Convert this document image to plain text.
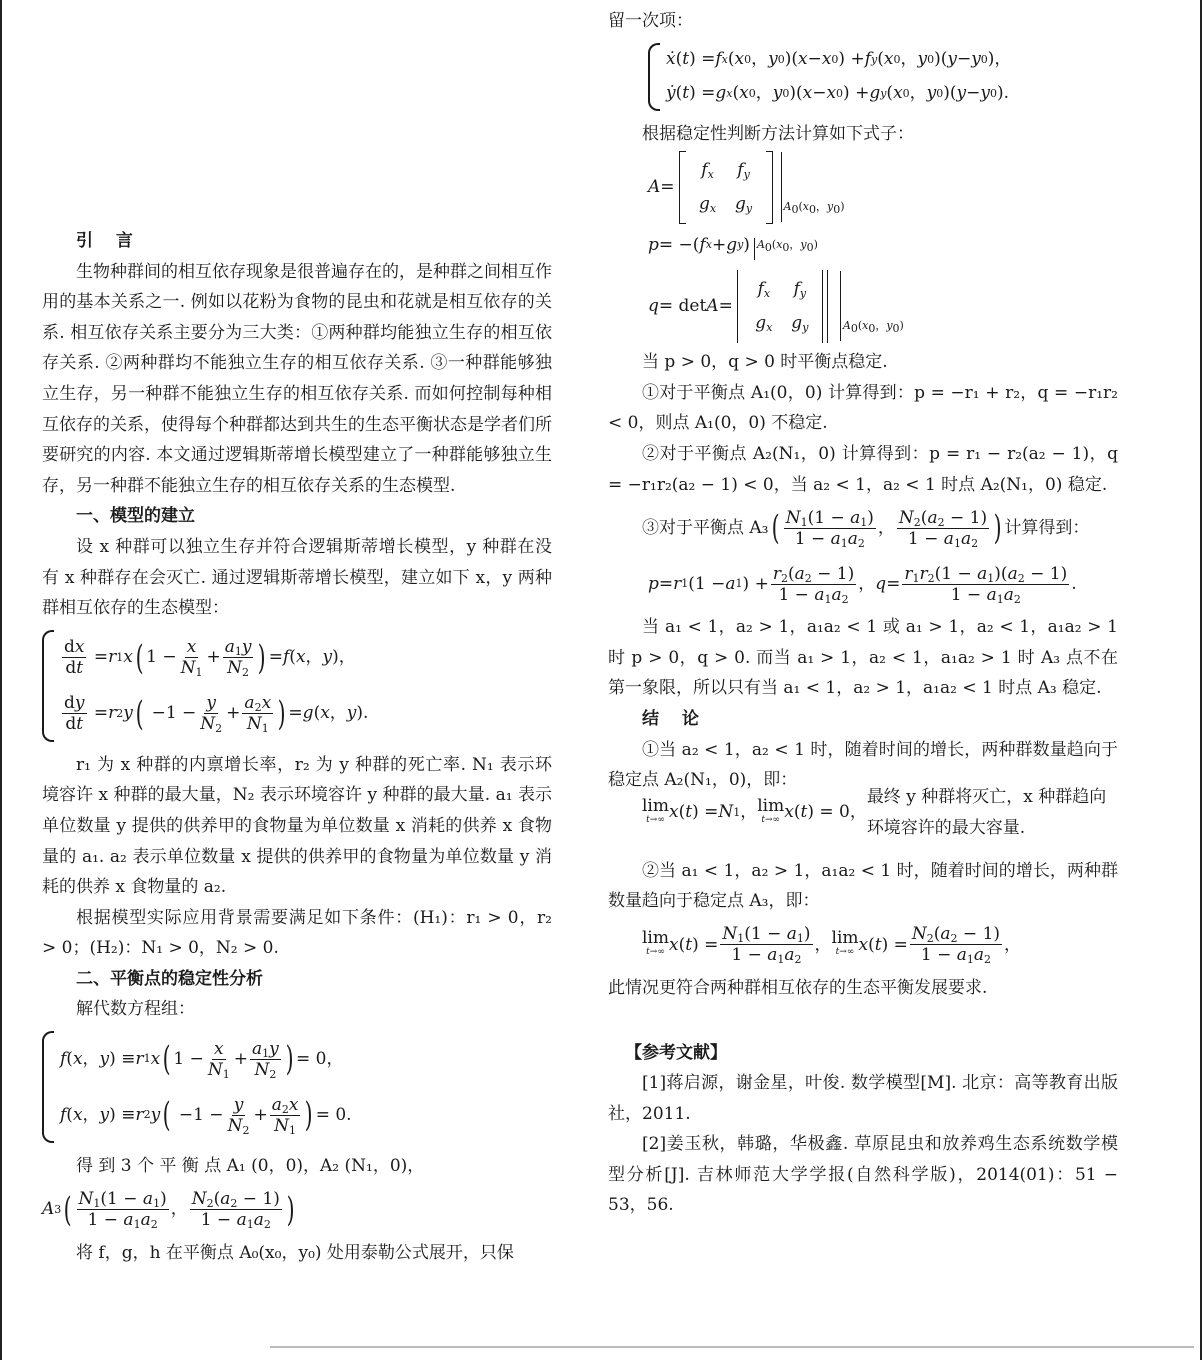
引 言

生物种群间的相互依存现象是很普遍存在的，是种群之间相互作用的基本关系之一. 例如以花粉为食物的昆虫和花就是相互依存的关系. 相互依存关系主要分为三大类：①两种群均能独立生存的相互依存关系. ②两种群均不能独立生存的相互依存关系. ③一种群能够独立生存，另一种群不能独立生存的相互依存关系. 而如何控制每种相互依存的关系，使得每个种群都达到共生的生态平衡状态是学者们所要研究的内容. 本文通过逻辑斯蒂增长模型建立了一种群能够独立生存，另一种群不能独立生存的相互依存关系的生态模型.

一、模型的建立

设 x 种群可以独立生存并符合逻辑斯蒂增长模型，y 种群在没有 x 种群存在会灭亡. 通过逻辑斯蒂增长模型，建立如下 x，y 两种群相互依存的生态模型：

$\frac{dx}{dt} = r$ 1 x ( $1 - \frac{x}{N_1} + \frac{a_1y}{N_2}$ ) = f ( x ， y )，
$\frac{dy}{dt} = r$ 2 y ( $-1 - \frac{y}{N_2} + \frac{a_2x}{N_1}$ ) = g ( x ， y ).

r₁ 为 x 种群的内禀增长率，r₂ 为 y 种群的死亡率. N₁ 表示环境容许 x 种群的最大量，N₂ 表示环境容许 y 种群的最大量. a₁ 表示单位数量 y 提供的供养甲的食物量为单位数量 x 消耗的供养 x 食物量的 a₁. a₂ 表示单位数量 x 提供的供养甲的食物量为单位数量 y 消耗的供养 x 食物量的 a₂.

根据模型实际应用背景需要满足如下条件：(H₁)：r₁ > 0，r₂ > 0；(H₂)：N₁ > 0，N₂ > 0.

二、平衡点的稳定性分析

解代数方程组：

f ( x ， y ) ≡ r 1 x ( $1 - \frac{x}{N_1} + \frac{a_1y}{N_2}$ ) = 0，
f ( x ， y ) ≡ r 2 y ( $-1 - \frac{y}{N_2} + \frac{a_2x}{N_1}$ ) = 0.

得 到 3 个 平 衡 点 A₁ (0，0)，A₂ (N₁，0)，

A 3 ( $\frac{N_1(1 - a_1)}{1 - a_1a_2}$ ， $\frac{N_2(a_2 - 1)}{1 - a_1a_2}$ )

将 f，g，h 在平衡点 A₀(x₀，y₀) 处用泰勒公式展开，只保

留一次项：

ẋ ( t ) = f x ( x 0 ， y 0 )( x − x 0 ) + f y ( x 0 ， y 0 )( y − y 0 )，
ẏ ( t ) = g x ( x 0 ， y 0 )( x − x 0 ) + g y ( x 0 ， y 0 )( y − y 0 ).

根据稳定性判断方法计算如下式子：

A =
$f_x$	$f_y$
$g_x$	$g_y$	$A_0(x_0$，$y_0$)
p = −( f x + g y ) $A_0(x_0$，$y_0$)
q = det A =
$f_x$	$f_y$
$g_x$	$g_y$	$A_0(x_0$，$y_0$)

当 p > 0，q > 0 时平衡点稳定.

①对于平衡点 A₁(0，0) 计算得到：p = −r₁ + r₂，q = −r₁r₂ < 0，则点 A₁(0，0) 不稳定.

②对于平衡点 A₂(N₁，0) 计算得到：p = r₁ − r₂(a₂ − 1)，q = −r₁r₂(a₂ − 1) < 0，当 a₂ < 1，a₂ < 1 时点 A₂(N₁，0) 稳定.

③对于平衡点 A₃ ( $\frac{N_1(1 - a_1)}{1 - a_1a_2}$ ， $\frac{N_2(a_2 - 1)}{1 - a_1a_2}$ ) 计算得到：
p = r 1 (1 − a 1 ) + $\frac{r_2(a_2 - 1)}{1 - a_1a_2}$ ， $q = \frac{r_1r_2(1 - a_1)(a_2 - 1)}{1 - a_1a_2}$ .

当 a₁ < 1，a₂ > 1，a₁a₂ < 1 或 a₁ > 1，a₂ < 1，a₁a₂ > 1 时 p > 0，q > 0. 而当 a₁ > 1，a₂ < 1，a₁a₂ > 1 时 A₃ 点不在第一象限，所以只有当 a₁ < 1，a₂ > 1，a₁a₂ < 1 时点 A₃ 稳定.

结 论

①当 a₂ < 1，a₂ < 1 时，随着时间的增长，两种群数量趋向于稳定点 A₂(N₁，0)，即：

lim
t→∞ x ( t ) = N 1 ， lim
t→∞ x ( t ) = 0，
最终 y 种群将灭亡，x 种群趋向环境容许的最大容量.

②当 a₁ < 1，a₂ > 1，a₁a₂ < 1 时，随着时间的增长，两种群数量趋向于稳定点 A₃，即：

lim
t→∞ x ( t ) = $\frac{N_1(1 - a_1)}{1 - a_1a_2}$ ， lim
t→∞ x ( t ) = $\frac{N_2(a_2 - 1)}{1 - a_1a_2}$ ，

此情况更符合两种群相互依存的生态平衡发展要求.

【参考文献】

[1]蒋启源，谢金星，叶俊. 数学模型[M]. 北京：高等教育出版社，2011.

[2]姜玉秋，韩璐，华极鑫. 草原昆虫和放养鸡生态系统数学模型分析[J]. 吉林师范大学学报(自然科学版)，2014(01)：51 − 53，56.
